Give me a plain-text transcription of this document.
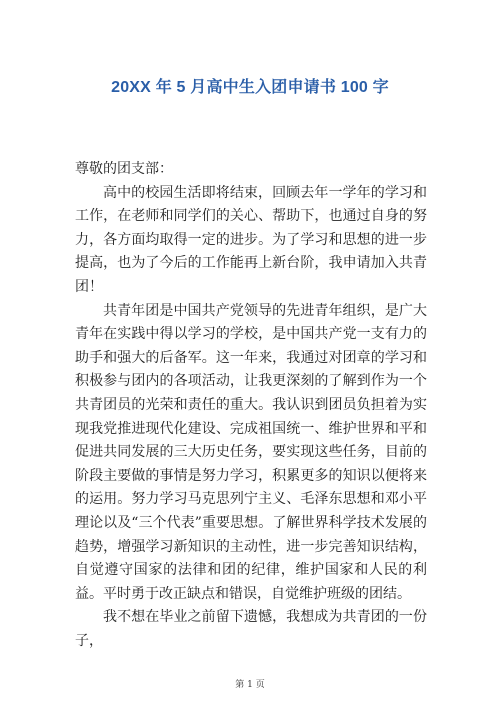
20XX 年 5 月高中生入团申请书 100 字

尊敬的团支部：

高中的校园生活即将结束，回顾去年一学年的学习和工作，在老师和同学们的关心、帮助下，也通过自身的努力，各方面均取得一定的进步。为了学习和思想的进一步提高，也为了今后的工作能再上新台阶，我申请加入共青团！

共青年团是中国共产党领导的先进青年组织，是广大青年在实践中得以学习的学校，是中国共产党一支有力的助手和强大的后备军。这一年来，我通过对团章的学习和积极参与团内的各项活动，让我更深刻的了解到作为一个共青团员的光荣和责任的重大。我认识到团员负担着为实现我党推进现代化建设、完成祖国统一、维护世界和平和促进共同发展的三大历史任务，要实现这些任务，目前的阶段主要做的事情是努力学习，积累更多的知识以便将来的运用。努力学习马克思列宁主义、毛泽东思想和邓小平理论以及“三个代表”重要思想。了解世界科学技术发展的趋势，增强学习新知识的主动性，进一步完善知识结构，自觉遵守国家的法律和团的纪律，维护国家和人民的利益。平时勇于改正缺点和错误，自觉维护班级的团结。

我不想在毕业之前留下遗憾，我想成为共青团的一份子，

第 1 页
